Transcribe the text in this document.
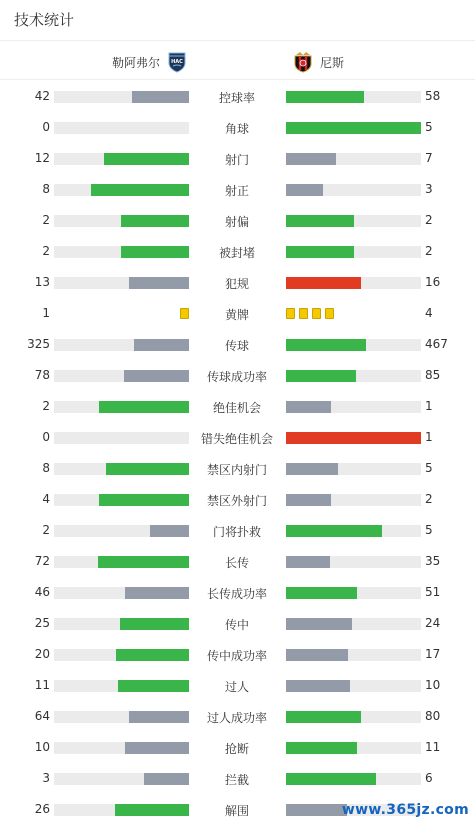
技术统计
勒阿弗尔 HAC	尼斯
42	控球率	58
0	角球	5
12	射门	7
8	射正	3
2	射偏	2
2	被封堵	2
13	犯规	16
1	黄牌	4
325	传球	467
78	传球成功率	85
2	绝佳机会	1
0	错失绝佳机会	1
8	禁区内射门	5
4	禁区外射门	2
2	门将扑救	5
72	长传	35
46	长传成功率	51
25	传中	24
20	传中成功率	17
11	过人	10
64	过人成功率	80
10	抢断	11
3	拦截	6
26	解围	www.365jz.com
